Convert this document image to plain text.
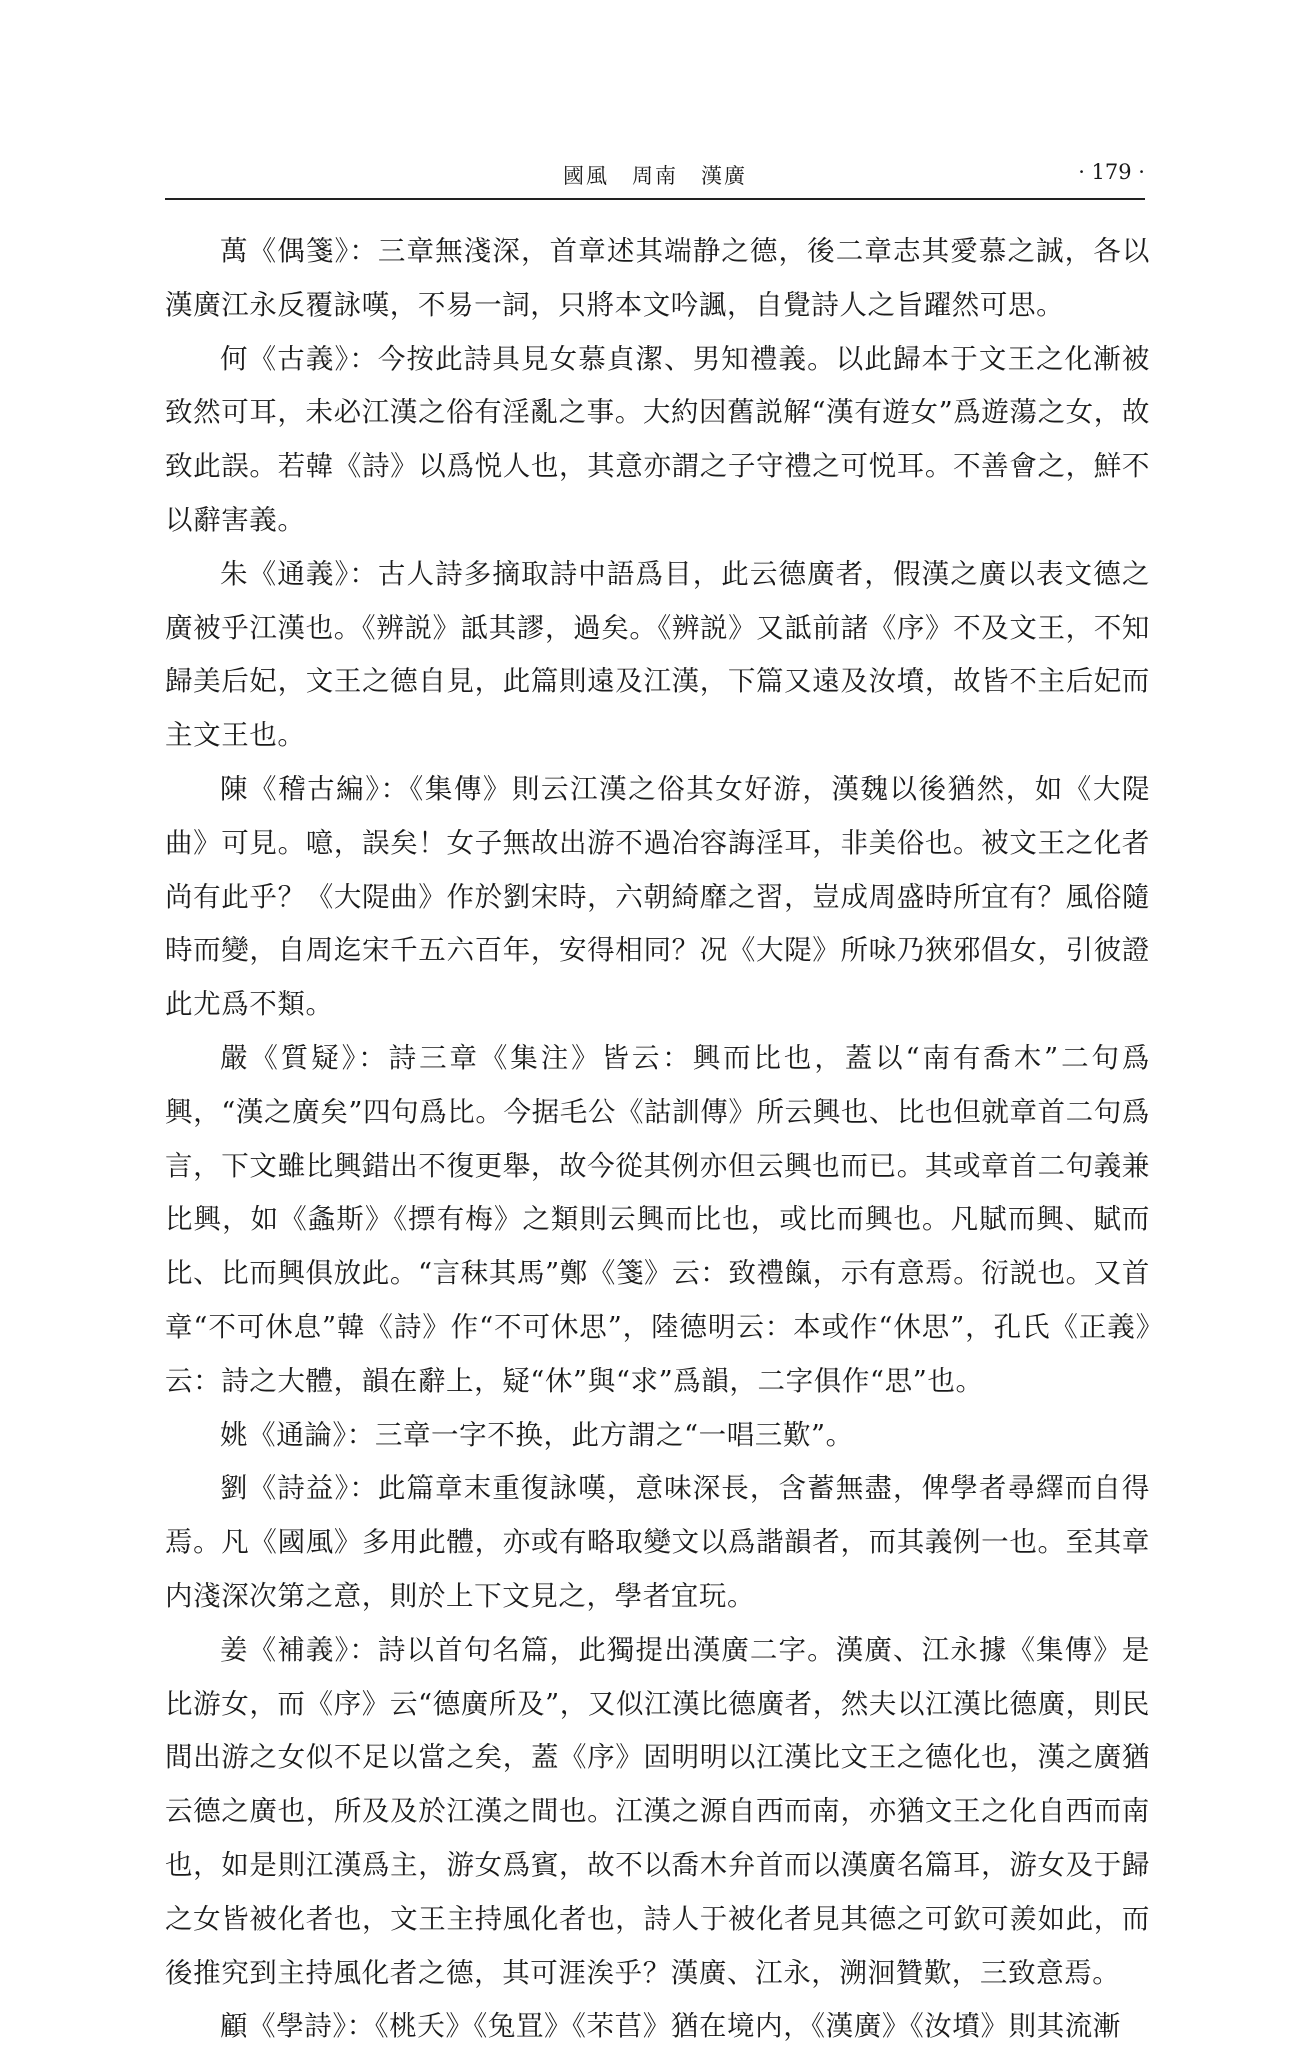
國風　周南　漢廣	· 179 ·

萬《偶箋》：三章無淺深，首章述其端静之德，後二章志其愛慕之誠，各以漢廣江永反覆詠嘆，不易一詞，只將本文吟諷，自覺詩人之旨躍然可思。

何《古義》：今按此詩具見女慕貞潔、男知禮義。以此歸本于文王之化漸被致然可耳，未必江漢之俗有淫亂之事。大約因舊説解“漢有遊女”爲遊蕩之女，故致此誤。若韓《詩》以爲悦人也，其意亦謂之子守禮之可悦耳。不善會之，鮮不以辭害義。

朱《通義》：古人詩多摘取詩中語爲目，此云德廣者，假漢之廣以表文德之廣被乎江漢也。《辨説》詆其謬，過矣。《辨説》又詆前諸《序》不及文王，不知歸美后妃，文王之德自見，此篇則遠及江漢，下篇又遠及汝墳，故皆不主后妃而主文王也。

陳《稽古編》：《集傳》則云江漢之俗其女好游，漢魏以後猶然，如《大隄曲》可見。噫，誤矣！女子無故出游不過冶容誨淫耳，非美俗也。被文王之化者尚有此乎？《大隄曲》作於劉宋時，六朝綺靡之習，豈成周盛時所宜有？風俗隨時而變，自周迄宋千五六百年，安得相同？况《大隄》所咏乃狹邪倡女，引彼證此尤爲不類。

嚴《質疑》：詩三章《集注》皆云：興而比也，蓋以“南有喬木”二句爲興，“漢之廣矣”四句爲比。今据毛公《詁訓傳》所云興也、比也但就章首二句爲言，下文雖比興錯出不復更舉，故今從其例亦但云興也而已。其或章首二句義兼比興，如《螽斯》《摽有梅》之類則云興而比也，或比而興也。凡賦而興、賦而比、比而興俱放此。“言秣其馬”鄭《箋》云：致禮餼，示有意焉。衍説也。又首章“不可休息”韓《詩》作“不可休思”，陸德明云：本或作“休思”，孔氏《正義》云：詩之大體，韻在辭上，疑“休”與“求”爲韻，二字俱作“思”也。

姚《通論》：三章一字不换，此方謂之“一唱三歎”。

劉《詩益》：此篇章末重復詠嘆，意味深長，含蓄無盡，俾學者尋繹而自得焉。凡《國風》多用此體，亦或有略取變文以爲諧韻者，而其義例一也。至其章内淺深次第之意，則於上下文見之，學者宜玩。

姜《補義》：詩以首句名篇，此獨提出漢廣二字。漢廣、江永據《集傳》是比游女，而《序》云“德廣所及”，又似江漢比德廣者，然夫以江漢比德廣，則民間出游之女似不足以當之矣，蓋《序》固明明以江漢比文王之德化也，漢之廣猶云德之廣也，所及及於江漢之間也。江漢之源自西而南，亦猶文王之化自西而南也，如是則江漢爲主，游女爲賓，故不以喬木弁首而以漢廣名篇耳，游女及于歸之女皆被化者也，文王主持風化者也，詩人于被化者見其德之可欽可羨如此，而後推究到主持風化者之德，其可涯涘乎？漢廣、江永，溯洄贊歎，三致意焉。

顧《學詩》：《桃夭》《兔罝》《芣苢》猶在境内，《漢廣》《汝墳》則其流漸
